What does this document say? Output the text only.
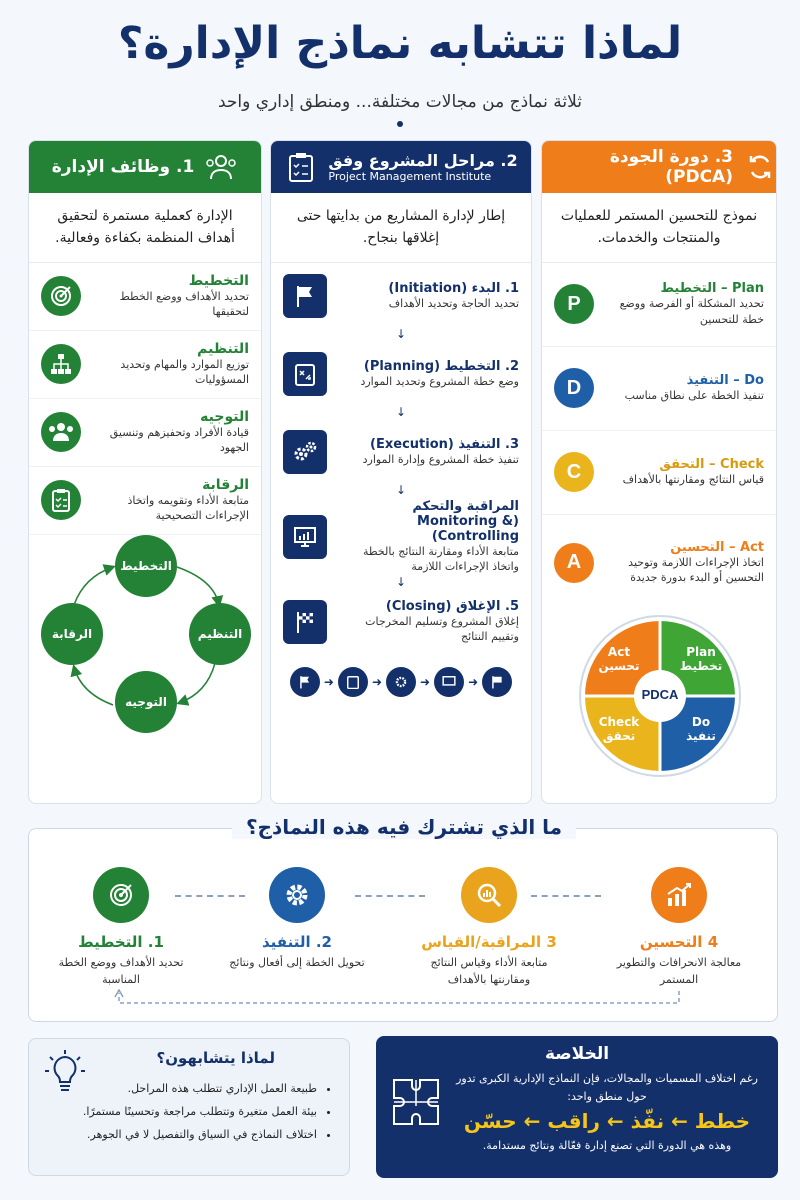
لماذا تتشابه نماذج الإدارة؟
ثلاثة نماذج من مجالات مختلفة... ومنطق إداري واحد
1. وظائف الإدارة
الإدارة كعملية مستمرة لتحقيق أهداف المنظمة بكفاءة وفعالية.
التخطيط
تحديد الأهداف ووضع الخطط لتحقيقها
التنظيم
توزيع الموارد والمهام وتحديد المسؤوليات
التوجيه
قيادة الأفراد وتحفيزهم وتنسيق الجهود
الرقابة
متابعة الأداء وتقويمه واتخاذ الإجراءات التصحيحية
التخطيط
التنظيم
التوجيه
الرقابة
2. مراحل المشروع وفق
Project Management Institute
إطار لإدارة المشاريع من بدايتها حتى إغلاقها بنجاح.
1. البدء (Initiation)
تحديد الحاجة وتحديد الأهداف
↓
2. التخطيط (Planning)
وضع خطة المشروع وتحديد الموارد
↓
3. التنفيذ (Execution)
تنفيذ خطة المشروع وإدارة الموارد
↓
المراقبة والتحكم (Monitoring & Controlling)
متابعة الأداء ومقارنة النتائج بالخطة واتخاذ الإجراءات اللازمة
↓
5. الإغلاق (Closing)
إغلاق المشروع وتسليم المخرجات وتقييم النتائج
➜	➜	➜	➜
3. دورة الجودة (PDCA)
نموذج للتحسين المستمر للعمليات والمنتجات والخدمات.
P
Plan – التخطيط
تحديد المشكلة أو الفرصة ووضع خطة للتحسين
D	Do – التنفيذ
تنفيذ الخطة على نطاق مناسب
C	Check – التحقق
قياس النتائج ومقارنتها بالأهداف
A
Act – التحسين
اتخاذ الإجراءات اللازمة وتوحيد التحسين أو البدء بدورة جديدة
PDCA
Plan
تخطيط
Do
تنفيذ
Check
تحقق
Act
تحسين
ما الذي تشترك فيه هذه النماذج؟
4 التحسين
معالجة الانحرافات والتطوير المستمر
3 المراقبة/القياس
متابعة الأداء وقياس النتائج ومقارنتها بالأهداف
2. التنفيذ
تحويل الخطة إلى أفعال ونتائج
1. التخطيط
تحديد الأهداف ووضع الخطة المناسبة
لماذا يتشابهون؟
• طبيعة العمل الإداري تتطلب هذه المراحل.
• بيئة العمل متغيرة وتتطلب مراجعة وتحسينًا مستمرًا.
• اختلاف النماذج في السياق والتفصيل لا في الجوهر.
الخلاصة
رغم اختلاف المسميات والمجالات، فإن النماذج الإدارية الكبرى تدور حول منطق واحد:
خطط ← نفّذ ← راقب ← حسّن
وهذه هي الدورة التي تصنع إدارة فعّالة ونتائج مستدامة.
